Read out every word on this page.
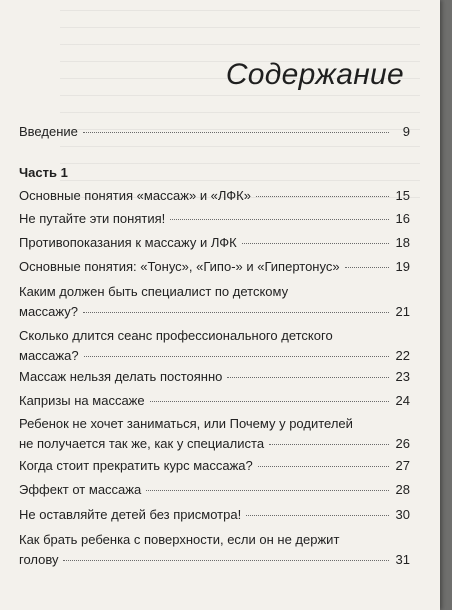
Содержание
Введение	9
Часть 1
Основные понятия «массаж» и «ЛФК»	15
Не путайте эти понятия!	16
Противопоказания к массажу и ЛФК	18
Основные понятия: «Тонус», «Гипо-» и «Гипертонус»	19
Каким должен быть специалист по детскому
массажу?	21
Сколько длится сеанс профессионального детского
массажа?	22
Массаж нельзя делать постоянно	23
Капризы на массаже	24
Ребенок не хочет заниматься, или Почему у родителей
не получается так же, как у специалиста	26
Когда стоит прекратить курс массажа?	27
Эффект от массажа	28
Не оставляйте детей без присмотра!	30
Как брать ребенка с поверхности, если он не держит
голову	31
